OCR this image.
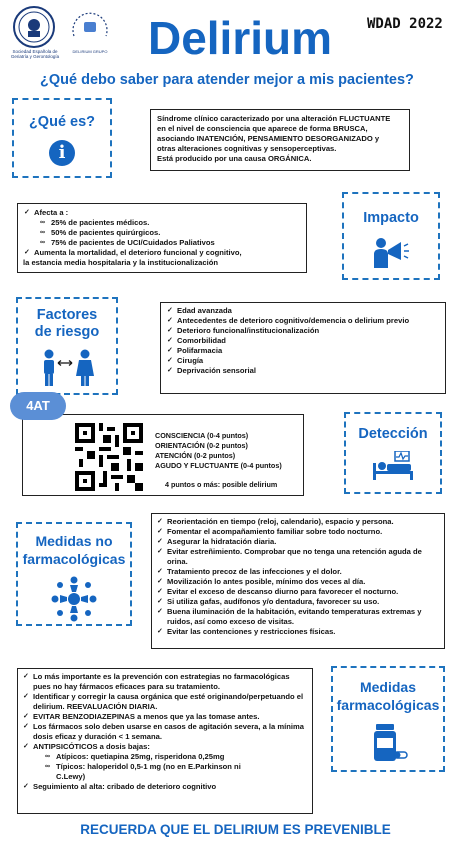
Sociedad Española de
Geriatría y Gerontología
DELIRIUM GRUPO
WDAD 2022
Delirium
¿Qué debo saber para atender mejor a mis pacientes?
¿Qué es?
i
Síndrome clínico caracterizado por una alteración FLUCTUANTE
en el nivel de consciencia que aparece de forma BRUSCA,
asociando INATENCIÓN, PENSAMIENTO DESORGANIZADO y
otras alteraciones cognitivas y sensoperceptivas.
Está producido por una causa ORGÁNICA.
✓ Afecta a :
∞ 25% de pacientes médicos.
∞ 50% de pacientes quirúrgicos.
∞ 75% de pacientes de UCI/Cuidados Paliativos
✓ Aumenta la mortalidad, el deterioro funcional y cognitivo,
la estancia media hospitalaria y la institucionalización
Impacto
Factores
de riesgo
✓ Edad avanzada
✓ Antecedentes de deterioro cognitivo/demencia o delirium previo
✓ Deterioro funcional/institucionalización
✓ Comorbilidad
✓ Polifarmacia
✓ Cirugía
✓ Deprivación sensorial
CONSCIENCIA (0-4 puntos)
ORIENTACIÓN (0-2 puntos)
ATENCIÓN (0-2 puntos)
AGUDO Y FLUCTUANTE (0-4 puntos)
4 puntos o más: posible delirium
4AT
Detección
Medidas no
farmacológicas
✓ Reorientación en tiempo (reloj, calendario), espacio y persona.
✓ Fomentar el acompañamiento familiar sobre todo nocturno.
✓ Asegurar la hidratación diaria.
✓ Evitar estreñimiento. Comprobar que no tenga una retención aguda de orina.
✓ Tratamiento precoz de las infecciones y el dolor.
✓ Movilización lo antes posible, mínimo dos veces al día.
✓ Evitar el exceso de descanso diurno para favorecer el nocturno.
✓ Si utiliza gafas, audífonos y/o dentadura, favorecer su uso.
✓ Buena iluminación de la habitación, evitando temperaturas extremas y ruidos, así como exceso de visitas.
✓ Evitar las contenciones y restricciones físicas.
✓ Lo más importante es la prevención con estrategias no farmacológicas pues no hay fármacos eficaces para su tratamiento.
✓ Identificar y corregir la causa orgánica que esté originando/perpetuando el delirium. REEVALUACIÓN DIARIA.
✓ EVITAR BENZODIAZEPINAS a menos que ya las tomase antes.
✓ Los fármacos solo deben usarse en casos de agitación severa, a la mínima dosis eficaz y duración < 1 semana.
✓ ANTIPSICÓTICOS a dosis bajas:
∞ Atípicos: quetiapina 25mg, risperidona 0,25mg
∞ Típicos: haloperidol 0,5-1 mg (no en E.Parkinson ni C.Lewy)
✓ Seguimiento al alta: cribado de deterioro cognitivo
Medidas
farmacológicas
RECUERDA QUE EL DELIRIUM ES PREVENIBLE
